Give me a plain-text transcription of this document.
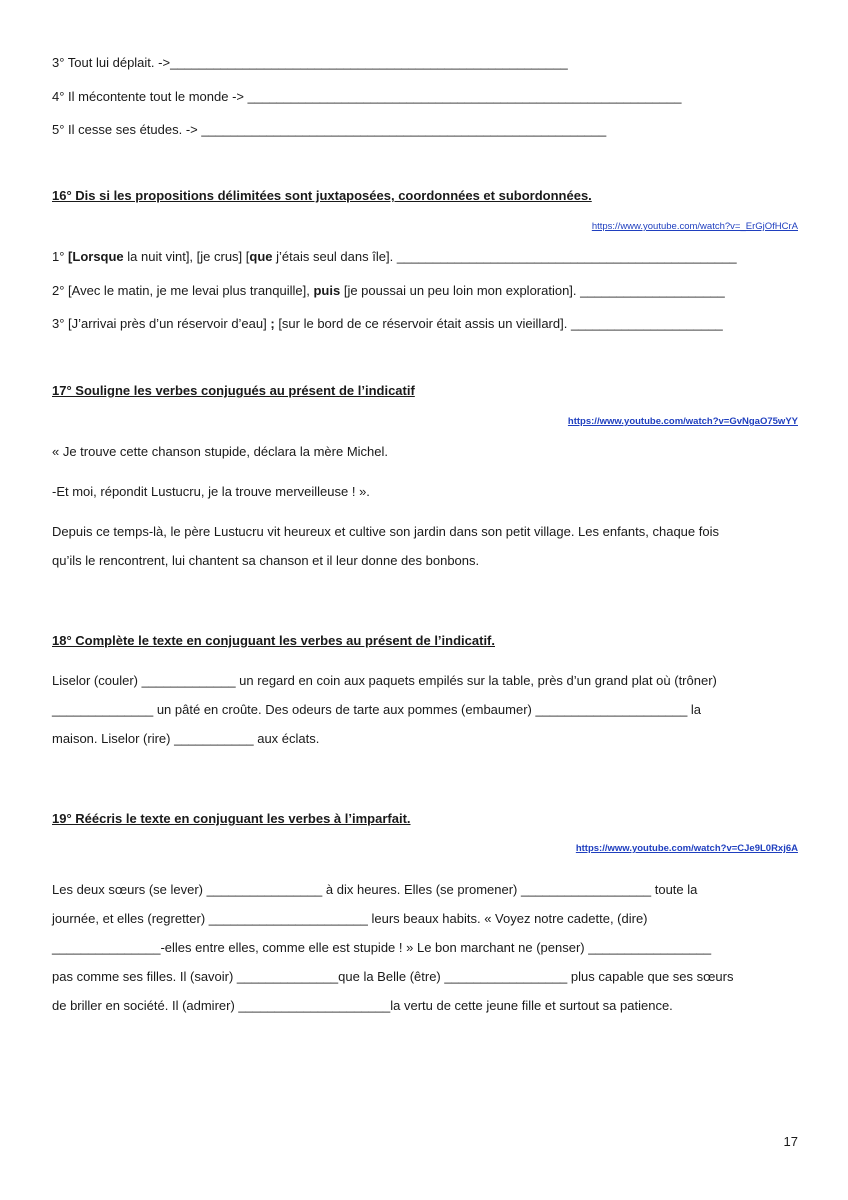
3° Tout lui déplait. ->_______________________________________________________
4° Il mécontente tout le monde -> ____________________________________________________________
5° Il cesse ses études. -> ________________________________________________________
16° Dis si les propositions délimitées sont juxtaposées, coordonnées et subordonnées.
https://www.youtube.com/watch?v=_ErGjOfHCrA
1° [Lorsque la nuit vint], [je crus] [que j’étais seul dans île]. _______________________________________________
2° [Avec le matin, je me levai plus tranquille], puis [je poussai un peu loin mon exploration]. ____________________
3° [J’arrivai près d’un réservoir d’eau] ; [sur le bord de ce réservoir était assis un vieillard]. _____________________
17° Souligne les verbes conjugués au présent de l’indicatif
https://www.youtube.com/watch?v=GvNgaO75wYY
« Je trouve cette chanson stupide, déclara la mère Michel.
-Et moi, répondit Lustucru, je la trouve merveilleuse ! ».
Depuis ce temps-là, le père Lustucru vit heureux et cultive son jardin dans son petit village. Les enfants, chaque fois
qu’ils le rencontrent, lui chantent sa chanson et il leur donne des bonbons.
18° Complète le texte en conjuguant les verbes au présent de l’indicatif.
Liselor (couler) _____________ un regard en coin aux paquets empilés sur la table, près d’un grand plat où (trôner)
______________ un pâté en croûte. Des odeurs de tarte aux pommes (embaumer) _____________________ la
maison. Liselor (rire) ___________ aux éclats.
19° Réécris le texte en conjuguant les verbes à l’imparfait.
https://www.youtube.com/watch?v=CJe9L0Rxj6A
Les deux sœurs (se lever) ________________ à dix heures. Elles (se promener) __________________ toute la
journée, et elles (regretter) ______________________ leurs beaux habits. « Voyez notre cadette, (dire)
_______________-elles entre elles, comme elle est stupide ! » Le bon marchant ne (penser) _________________
pas comme ses filles. Il (savoir) ______________que la Belle (être) _________________ plus capable que ses sœurs
de briller en société. Il (admirer) _____________________la vertu de cette jeune fille et surtout sa patience.
17
